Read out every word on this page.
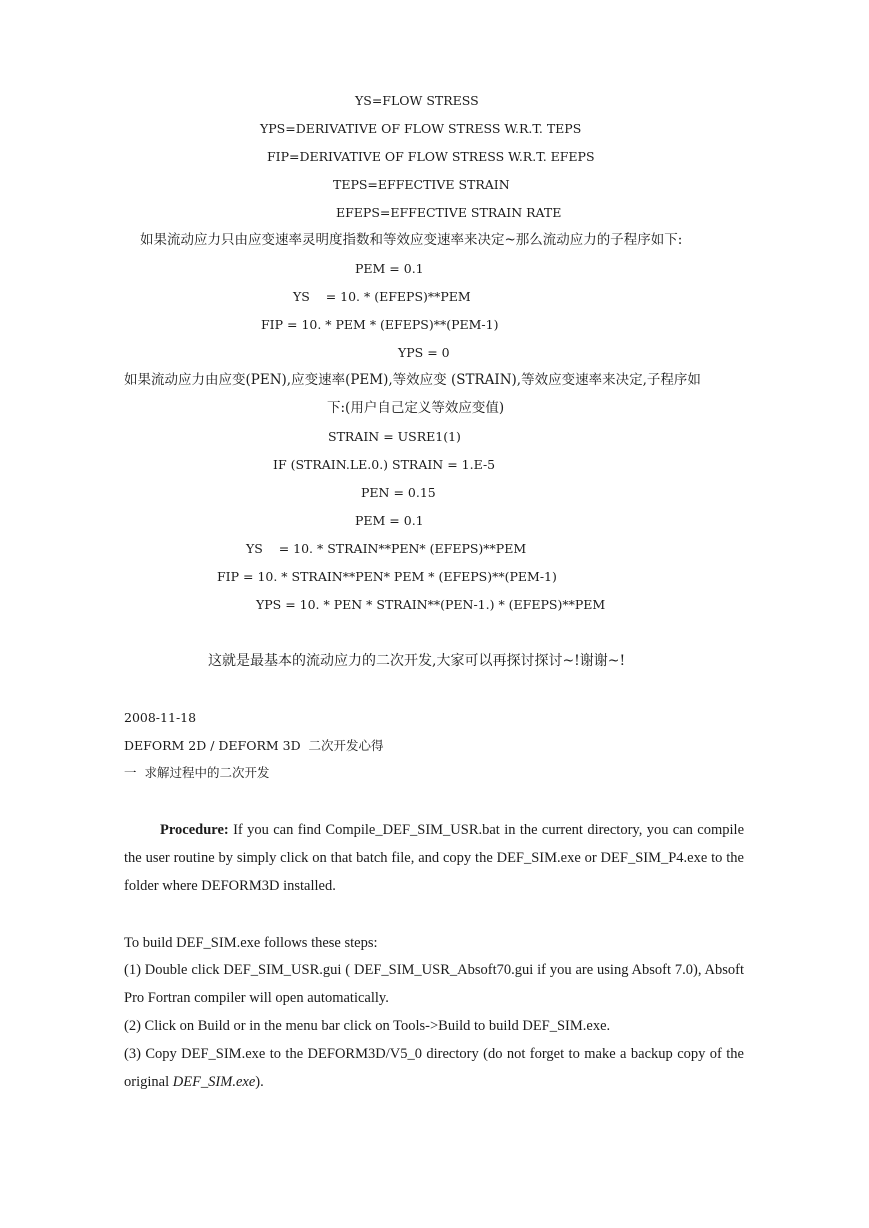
YS=FLOW STRESS

YPS=DERIVATIVE OF FLOW STRESS W.R.T. TEPS

FIP=DERIVATIVE OF FLOW STRESS W.R.T. EFEPS

TEPS=EFFECTIVE STRAIN

EFEPS=EFFECTIVE STRAIN RATE

如果流动应力只由应变速率灵明度指数和等效应变速率来决定~那么流动应力的子程序如下:

PEM = 0.1

YS    = 10. * (EFEPS)**PEM

FIP = 10. * PEM * (EFEPS)**(PEM-1)

YPS = 0

如果流动应力由应变(PEN),应变速率(PEM),等效应变 (STRAIN),等效应变速率来决定,子程序如

下:(用户自己定义等效应变值)

STRAIN = USRE1(1)

IF (STRAIN.LE.0.) STRAIN = 1.E-5

PEN = 0.15

PEM = 0.1

YS    = 10. * STRAIN**PEN* (EFEPS)**PEM

FIP = 10. * STRAIN**PEN* PEM * (EFEPS)**(PEM-1)

YPS = 10. * PEN * STRAIN**(PEN-1.) * (EFEPS)**PEM

这就是最基本的流动应力的二次开发,大家可以再探讨探讨~!谢谢~!

2008-11-18

DEFORM 2D / DEFORM 3D  二次开发心得

一  求解过程中的二次开发

Procedure: If you can find Compile_DEF_SIM_USR.bat in the current directory, you can compile the user routine by simply click on that batch file, and copy the DEF_SIM.exe or DEF_SIM_P4.exe to the folder where DEFORM3D installed.

To build DEF_SIM.exe follows these steps:

(1) Double click DEF_SIM_USR.gui ( DEF_SIM_USR_Absoft70.gui if you are using Absoft 7.0), Absoft Pro Fortran compiler will open automatically.

(2) Click on Build or in the menu bar click on Tools->Build to build DEF_SIM.exe.

(3) Copy DEF_SIM.exe to the DEFORM3D/V5_0 directory (do not forget to make a backup copy of the original DEF_SIM.exe).
